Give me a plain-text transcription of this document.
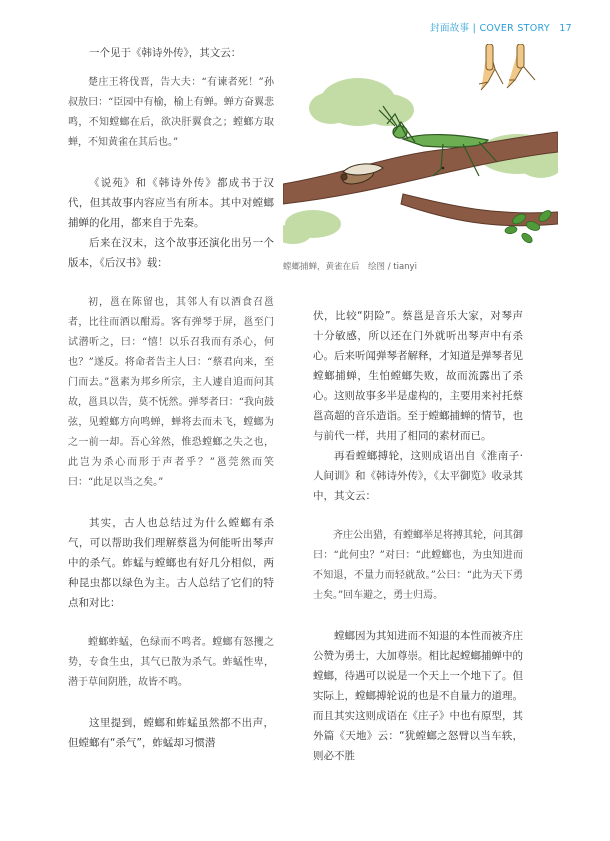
封面故事 | COVER STORY 17

一个见于《韩诗外传》，其文云：

楚庄王将伐晋，告大夫：“有谏者死！”孙叔敖曰：“臣园中有榆，榆上有蝉。蝉方奋翼悲鸣，不知螳螂在后，欲决肝翼食之；螳螂方取蝉，不知黄雀在其后也。”

《说苑》和《韩诗外传》都成书于汉代，但其故事内容应当有所本。其中对螳螂捕蝉的化用，都来自于先秦。

后来在汉末，这个故事还演化出另一个版本，《后汉书》载：

初，邕在陈留也，其邻人有以酒食召邕者，比往而酒以酣焉。客有弹琴于屏，邕至门试潜听之，曰：“憘！以乐召我而有杀心，何也？”遂反。将命者告主人曰：“蔡君向来，至门而去。”邕素为邦乡所宗，主人遽自追而问其故，邕具以告，莫不怃然。弹琴者曰：“我向鼓弦，见螳螂方向鸣蝉，蝉将去而未飞，螳螂为之一前一却。吾心耸然，惟恐螳螂之失之也，此岂为杀心而形于声者乎？”邕莞然而笑曰：“此足以当之矣。”

其实，古人也总结过为什么螳螂有杀气，可以帮助我们理解蔡邕为何能听出琴声中的杀气。蚱蜢与螳螂也有好几分相似，两种昆虫都以绿色为主。古人总结了它们的特点和对比：

螳螂蚱蜢，色绿而不鸣者。螳螂有怒攫之势，专食生虫，其气已散为杀气。蚱蜢性卑，潜于草间阴胜，故皆不鸣。

这里提到，螳螂和蚱蜢虽然都不出声，但螳螂有“杀气”，蚱蜢却习惯潜

螳螂捕蝉，黄雀在后　绘图 / tianyi

伏，比较“阴险”。蔡邕是音乐大家，对琴声十分敏感，所以还在门外就听出琴声中有杀心。后来听闻弹琴者解释，才知道是弹琴者见螳螂捕蝉，生怕螳螂失败，故而流露出了杀心。这则故事多半是虚构的，主要用来衬托蔡邕高超的音乐造诣。至于螳螂捕蝉的情节，也与前代一样，共用了相同的素材而已。

再看螳螂搏轮，这则成语出自《淮南子·人间训》和《韩诗外传》，《太平御览》收录其中，其文云：

齐庄公出猎，有螳螂举足将搏其轮，问其御曰：“此何虫？”对曰：“此螳螂也，为虫知进而不知退，不量力而轻就敌。”公曰：“此为天下勇士矣。”回车避之，勇士归焉。

螳螂因为其知进而不知退的本性而被齐庄公赞为勇士，大加尊崇。相比起螳螂捕蝉中的螳螂，待遇可以说是一个天上一个地下了。但实际上，螳螂搏轮说的也是不自量力的道理。而且其实这则成语在《庄子》中也有原型，其外篇《天地》云：“犹螳螂之怒臂以当车轶，则必不胜
